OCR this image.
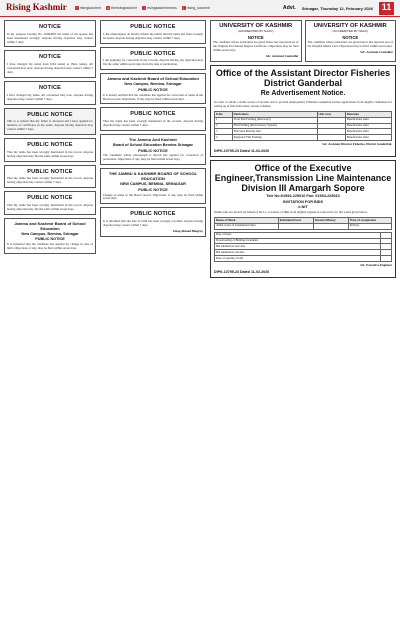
Rising Kashmir	f risingkashmir	w therisingkashmir	i risingkashmirnews	t rising_kashmir	Advt. Srinagar, Thursday 12, February 2026 11
NOTICE
In my passport bearing No. Z5964697 the name of my spouse has been mentioned wrongly. Anyone having objection may contact within 7 days.
NOTICE
I have changed my name from (Old name) to (New name). All concerned may note. Anyone having objection may contact within 7 days.
NOTICE
I have changed my name. All concerned may note. Anyone having objection may contact within 7 days.
PUBLIC NOTICE
This is to inform that my father is deceased and I have applied for issuance of certificates in my name. Anyone having objection may contact within 7 days.
PUBLIC NOTICE
That my name has been wrongly mentioned in the record. Anyone having objection may file the same within seven days.
PUBLIC NOTICE
That my name has been wrongly mentioned in the record. Anyone having objection may contact within 7 days.
PUBLIC NOTICE
That my name has been wrongly mentioned in the record. Anyone having objection may file the same within seven days.
Jammu and Kashmir Board of School Education
New Campus, Bemina, Srinagar
PUBLIC NOTICE
It is informed that the candidate has applied for change in date of birth. Objections, if any, may be filed within seven days.
PUBLIC NOTICE
I, the undersigned, do hereby inform the public that my name has been wrongly recorded. Anyone having objection may contact within 7 days.
PUBLIC NOTICE
I am applying for correction in my records. Anyone having any objection may file the same within seven days from the date of publication.
Jammu and Kashmir Board of School Education
New Campus, Bemina, Srinagar
PUBLIC NOTICE
It is hereby notified that the candidate has applied for correction of name in the Board records. Objections, if any, may be filed within seven days.
PUBLIC NOTICE
That my name has been wrongly mentioned in the records. Anyone having objection may contact within 7 days.
The Jammu And Kashmir
Board of School Education Bemina Srinagar
PUBLIC NOTICE
The candidate whose photograph is shown has applied for correction of particulars. Objections, if any, may be filed within seven days.
THE JAMMU & KASHMIR BOARD OF SCHOOL EDUCATION
NEW CAMPUS, BEMINA, SRINAGAR
PUBLIC NOTICE
Change of name in the Board record. Objections, if any, may be filed within seven days.
PUBLIC NOTICE
It is informed that the date of birth has been wrongly recorded. Anyone having objection may contact within 7 days.
Ishaq Ahmad Bhagray
UNIVERSITY OF KASHMIR
(ACCREDITED BY NAAC)
NOTICE
The candidate whose particulars are given below has reported loss of the Original Provisional Degree Certificate. Objections may be filed within seven days.
Sd/- Assistant Controller
UNIVERSITY OF KASHMIR
(ACCREDITED BY NAAC)
NOTICE
The candidate whose particulars are given below has reported loss of the Original Marks Card. Objections may be filed within seven days.
Sd/- Assistant Controller
Office of the Assistant Director Fisheries District Ganderbal
Re Advertisement Notice.
In order to obtain a stable source of income and to provide employment, Fisheries Ganderbal invites applications from eligible candidates for setting up of fish units under various schemes.
S.No	Particulars	Unit cost	Remarks
1	Trout Fish Farming (Raceways)		Beneficiaries share
2	Fish Farming (Recirculatory System)		Beneficiaries share
3	Fish Seed Rearing Unit		Beneficiaries share
4	Integrated Fish Farming		Beneficiaries share
Sd/- Assistant Director Fisheries, District Ganderbal.
DIPK-10795-23 Dated 11-02-2026
Office of the Executive Engineer,Transmission Line Maintenance Division III Amargarh Sopore
Tele No:01954-225010 Fax: 01954-225010
INVITATION FOR BIDS
e-NIT
Online bids are invited on behalf of the Lt. Governor of J&K from eligible registered contractors for the works given below.
Name of Work	Estimated Cost	Earnest Money	Time of completion
Allied works of transmission lines.			60 Days
Date of Issue	
Downloading of Bidding documents	
Bid submission start date	
Bid submission end date	
Date of opening of bids	
Sd/- Executive Engineer
DIPK-10795-23 Dated 11-02-2026
